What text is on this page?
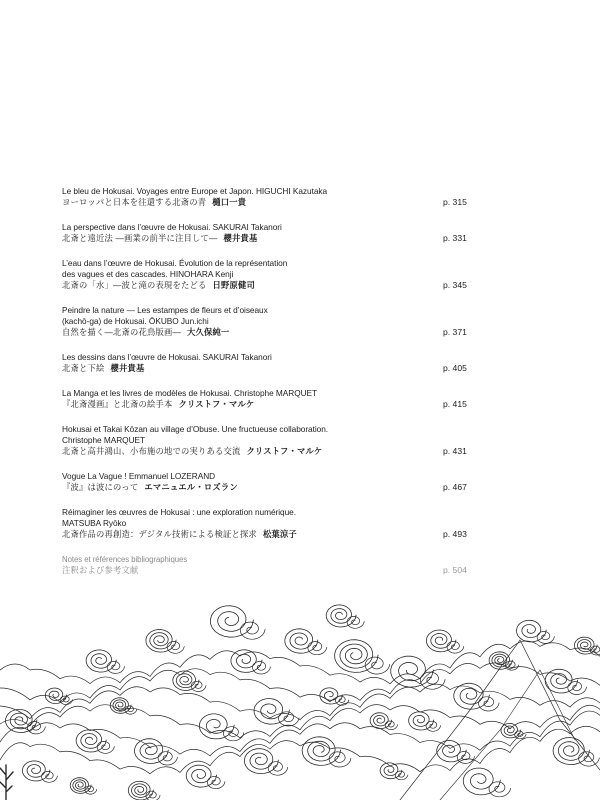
Le bleu de Hokusai. Voyages entre Europe et Japon. HIGUCHI Kazutaka
ヨーロッパと日本を往還する北斎の青 樋口一貴	p. 315
La perspective dans l’œuvre de Hokusai. SAKURAI Takanori
北斎と遠近法 ―画業の前半に注目して― 櫻井貴基	p. 331
L’eau dans l’œuvre de Hokusai. Évolution de la représentation
des vagues et des cascades. HINOHARA Kenji
北斎の「水」―波と滝の表現をたどる 日野原健司	p. 345
Peindre la nature — Les estampes de fleurs et d’oiseaux
(kachō-ga) de Hokusai. ŌKUBO Jun.ichi
自然を描く―北斎の花鳥版画― 大久保純一	p. 371
Les dessins dans l’œuvre de Hokusai. SAKURAI Takanori
北斎と下絵 櫻井貴基	p. 405
La Manga et les livres de modèles de Hokusai. Christophe MARQUET
『北斎漫画』と北斎の絵手本 クリストフ・マルケ	p. 415
Hokusai et Takai Kōzan au village d’Obuse. Une fructueuse collaboration.
Christophe MARQUET
北斎と高井鴻山、小布施の地での実りある交流 クリストフ・マルケ	p. 431
Vogue La Vague ! Emmanuel LOZERAND
『波』は波にのって エマニュエル・ロズラン	p. 467
Réimaginer les œuvres de Hokusai : une exploration numérique.
MATSUBA Ryōko
北斎作品の再創造：デジタル技術による検証と探求 松葉涼子	p. 493
Notes et références bibliographiques
注釈および参考文献	p. 504
